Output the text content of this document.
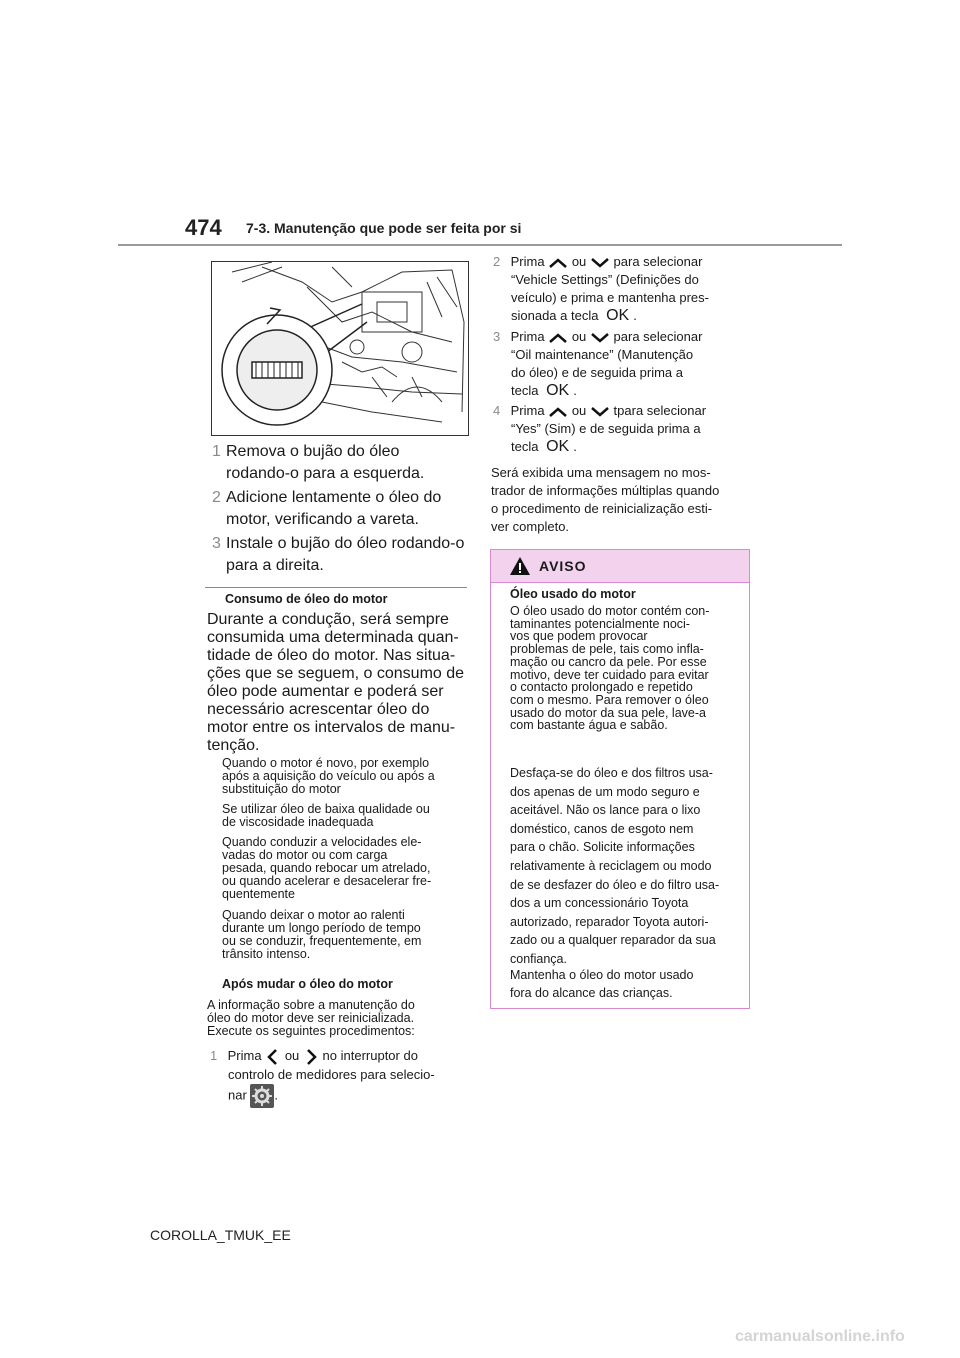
474 7-3. Manutenção que pode ser feita por si
1 Remova o bujão do óleo
rodando-o para a esquerda.
2 Adicione lentamente o óleo do
motor, verificando a vareta.
3 Instale o bujão do óleo rodando-o
para a direita.
Consumo de óleo do motor
Durante a condução, será sempre
consumida uma determinada quan-
tidade de óleo do motor. Nas situa-
ções que se seguem, o consumo de
óleo pode aumentar e poderá ser
necessário acrescentar óleo do
motor entre os intervalos de manu-
tenção.
Quando o motor é novo, por exemplo
após a aquisição do veículo ou após a
substituição do motor
Se utilizar óleo de baixa qualidade ou
de viscosidade inadequada
Quando conduzir a velocidades ele-
vadas do motor ou com carga
pesada, quando rebocar um atrelado,
ou quando acelerar e desacelerar fre-
quentemente
Quando deixar o motor ao ralenti
durante um longo período de tempo
ou se conduzir, frequentemente, em
trânsito intenso.
Após mudar o óleo do motor
A informação sobre a manutenção do
óleo do motor deve ser reinicializada.
Execute os seguintes procedimentos:
1 Prima ou no interruptor do
controlo de medidores para selecio-
nar .
2 Prima ou para selecionar
“Vehicle Settings” (Definições do
veículo) e prima e mantenha pres-
sionada a tecla OK .
3 Prima ou para selecionar
“Oil maintenance” (Manutenção
do óleo) e de seguida prima a
tecla OK .
4 Prima ou tpara selecionar
“Yes” (Sim) e de seguida prima a
tecla OK .
Será exibida uma mensagem no mos-
trador de informações múltiplas quando
o procedimento de reinicialização esti-
ver completo.
AVISO
Óleo usado do motor
O óleo usado do motor contém con-
taminantes potencialmente noci-
vos que podem provocar
problemas de pele, tais como infla-
mação ou cancro da pele. Por esse
motivo, deve ter cuidado para evitar
o contacto prolongado e repetido
com o mesmo. Para remover o óleo
usado do motor da sua pele, lave-a
com bastante água e sabão.
Desfaça-se do óleo e dos filtros usa-
dos apenas de um modo seguro e
aceitável. Não os lance para o lixo
doméstico, canos de esgoto nem
para o chão. Solicite informações
relativamente à reciclagem ou modo
de se desfazer do óleo e do filtro usa-
dos a um concessionário Toyota
autorizado, reparador Toyota autori-
zado ou a qualquer reparador da sua
confiança.
Mantenha o óleo do motor usado
fora do alcance das crianças.
COROLLA_TMUK_EE
carmanualsonline.info
